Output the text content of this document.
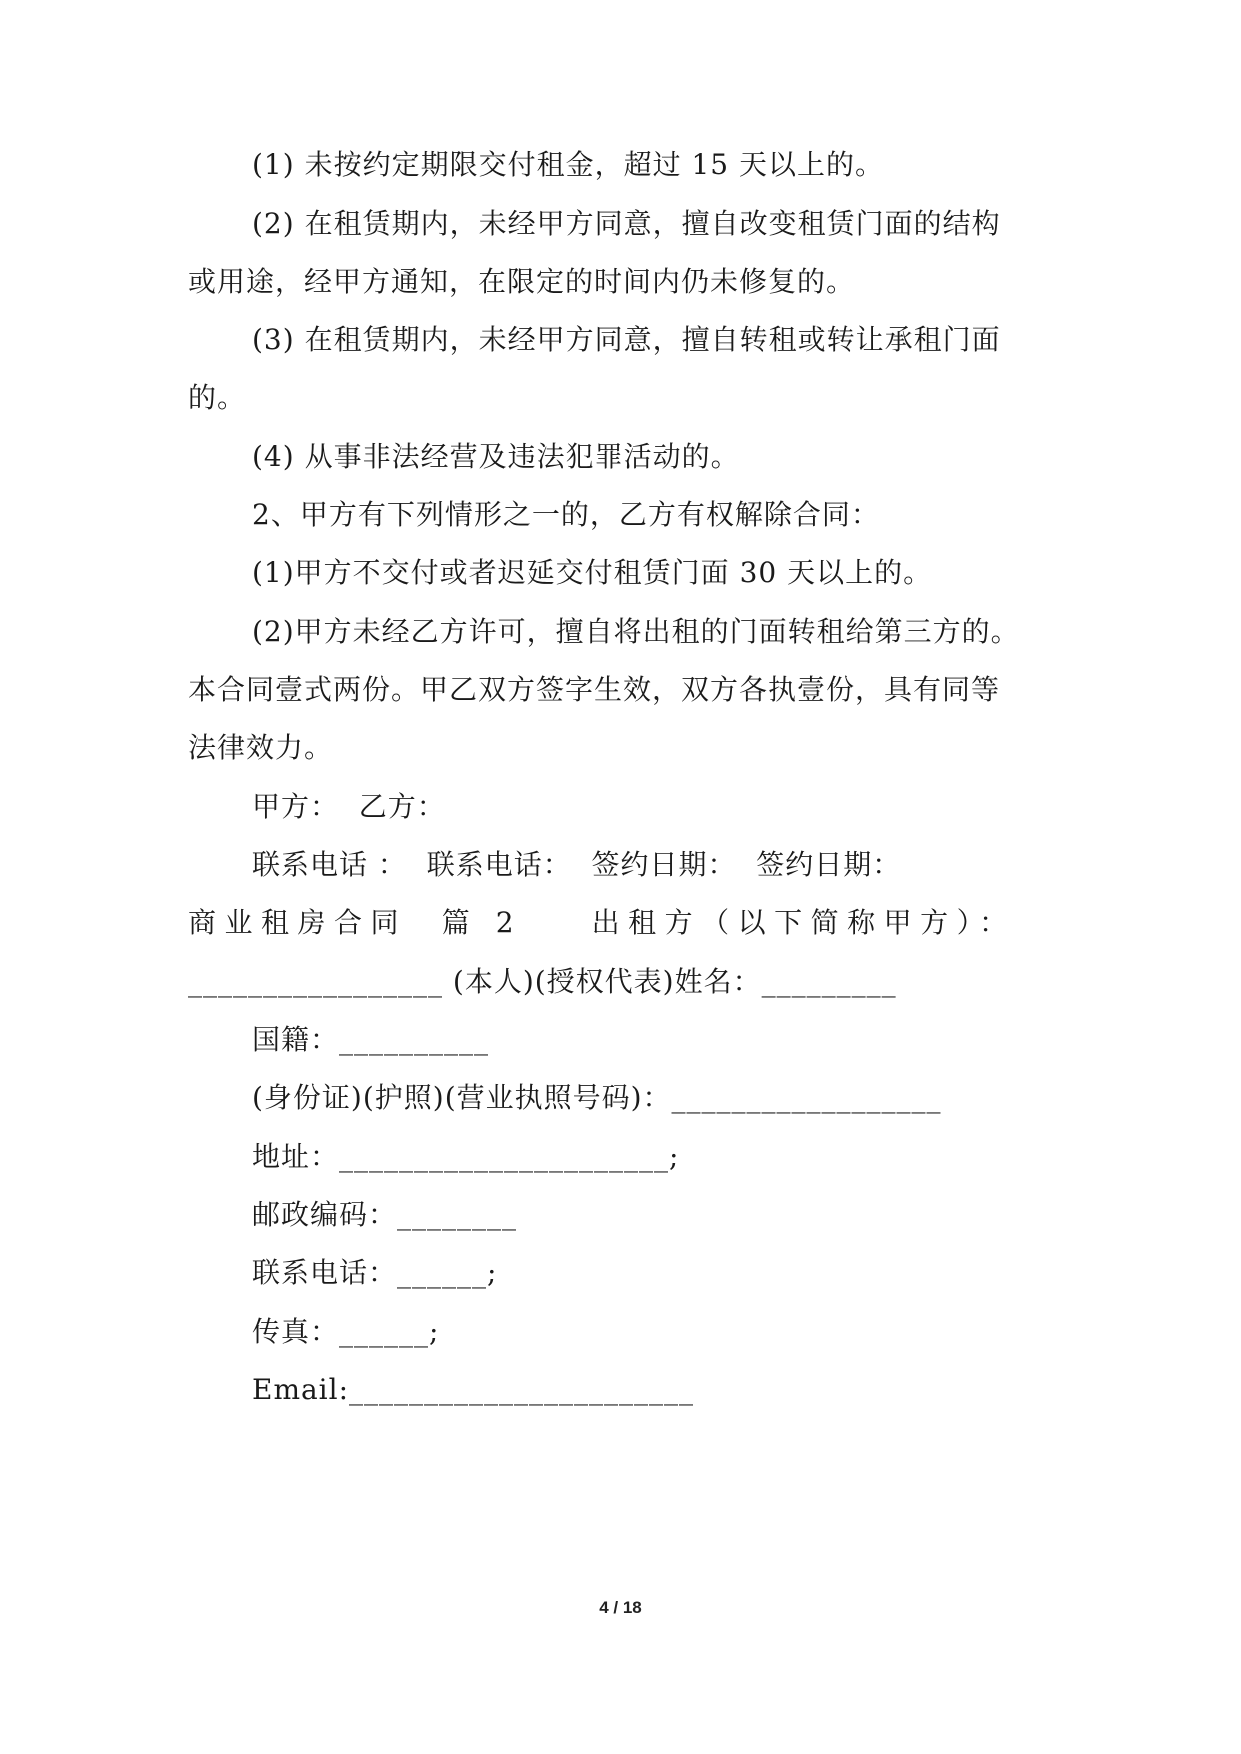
(1) 未按约定期限交付租金，超过 15 天以上的。
(2) 在租赁期内，未经甲方同意，擅自改变租赁门面的结构
或用途，经甲方通知，在限定的时间内仍未修复的。
(3) 在租赁期内，未经甲方同意，擅自转租或转让承租门面
的。
(4) 从事非法经营及违法犯罪活动的。
2、甲方有下列情形之一的，乙方有权解除合同：
(1)甲方不交付或者迟延交付租赁门面 30 天以上的。
(2)甲方未经乙方许可，擅自将出租的门面转租给第三方的。
本合同壹式两份。甲乙双方签字生效，双方各执壹份，具有同等
法律效力。
甲方：  乙方：
联系电话 ：  联系电话：  签约日期：  签约日期：
商业租房合同  篇 2    出租方（以下简称甲方）：
_________________ (本人)(授权代表)姓名：_________
国籍：__________
(身份证)(护照)(营业执照号码)：__________________
地址：______________________;
邮政编码：________
联系电话：______;
传真：______;
Email:_______________________
4 / 18
